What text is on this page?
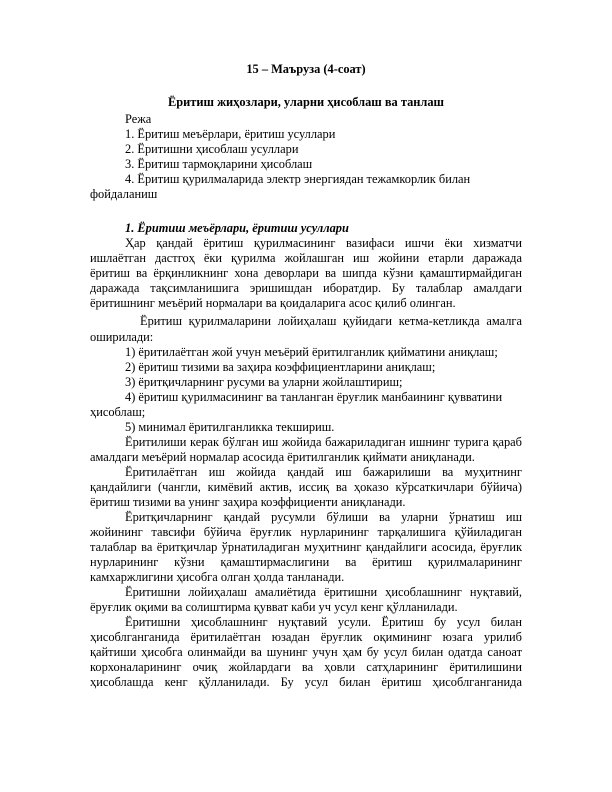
15 – Маъруза (4-соат)
Ёритиш жиҳозлари, уларни ҳисоблаш ва танлаш
Режа
1. Ёритиш меъёрлари, ёритиш усуллари
2. Ёритишни ҳисоблаш усуллари
3. Ёритиш тармоқларини ҳисоблаш
4. Ёритиш қурилмаларида электр энергиядан тежамкорлик билан
фойдаланиш
1. Ёритиш меъёрлари, ёритиш усуллари
Ҳар қандай ёритиш қурилмасининг вазифаси ишчи ёки хизматчи
ишлаётган дастгоҳ ёки қурилма жойлашган иш жойини етарли даражада
ёритиш ва ёрқинликнинг хона деворлари ва шипда кўзни қамаштирмайдиган
даражада тақсимланишига эришишдан иборатдир. Бу талаблар амалдаги
ёритишнинг меъёрий нормалари ва қоидаларига асос қилиб олинган.
Ёритиш қурилмаларини лойиҳалаш қуйидаги кетма-кетликда амалга
оширилади:
1) ёритилаётган жой учун меъёрий ёритилганлик қийматини аниқлаш;
2) ёритиш тизими ва заҳира коэффициентларини аниқлаш;
3) ёритқичларнинг русуми ва уларни жойлаштириш;
4) ёритиш қурилмасининг ва танланган ёруғлик манбаининг қувватини
ҳисоблаш;
5) минимал ёритилганликка текшириш.
Ёритилиши керак бўлган иш жойида бажариладиган ишнинг турига қараб
амалдаги меъёрий нормалар асосида ёритилганлик қиймати аниқланади.
Ёритилаётган иш жойида қандай иш бажарилиши ва муҳитнинг
қандайлиги (чангли, кимёвий актив, иссиқ ва ҳоказо кўрсаткичлари бўйича)
ёритиш тизими ва унинг заҳира коэффициенти аниқланади.
Ёритқичларнинг қандай русумли бўлиши ва уларни ўрнатиш иш
жойининг тавсифи бўйича ёруғлик нурларининг тарқалишига қўйиладиган
талаблар ва ёритқичлар ўрнатиладиган муҳитнинг қандайлиги асосида, ёруғлик
нурларининг кўзни қамаштирмаслигини ва ёритиш қурилмаларининг
камхаржлигини ҳисобга олган ҳолда танланади.
Ёритишни лойиҳалаш амалиётида ёритишни ҳисоблашнинг нуқтавий,
ёруғлик оқими ва солиштирма қувват каби уч усул кенг қўлланилади.
Ёритишни ҳисоблашнинг нуқтавий усули. Ёритиш бу усул билан
ҳисоблганганида ёритилаётган юзадан ёруғлик оқимининг юзага урилиб
қайтиши ҳисобга олинмайди ва шунинг учун ҳам бу усул билан одатда саноат
корхоналарининг очиқ жойлардаги ва ҳовли сатҳларининг ёритилишини
ҳисоблашда кенг қўлланилади. Бу усул билан ёритиш ҳисоблганганида
